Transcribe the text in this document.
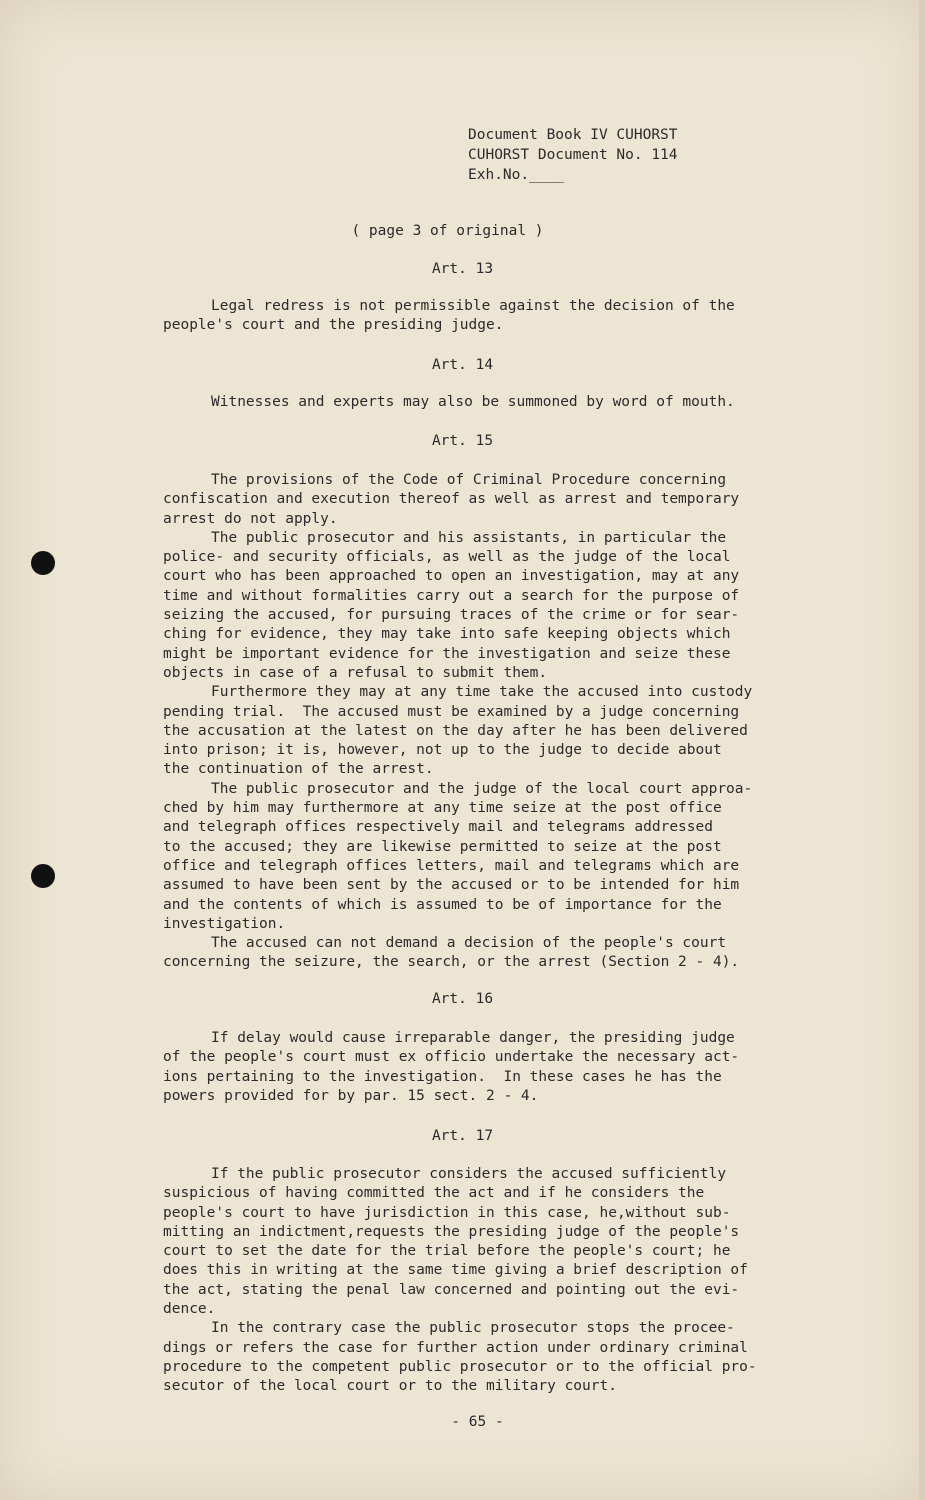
Document Book IV CUHORST
CUHORST Document No. 114
Exh.No.____
( page 3 of original )
Art. 13
Legal redress is not permissible against the decision of the
people's court and the presiding judge.
Art. 14
Witnesses and experts may also be summoned by word of mouth.
Art. 15
The provisions of the Code of Criminal Procedure concerning
confiscation and execution thereof as well as arrest and temporary
arrest do not apply.
The public prosecutor and his assistants, in particular the
police- and security officials, as well as the judge of the local
court who has been approached to open an investigation, may at any
time and without formalities carry out a search for the purpose of
seizing the accused, for pursuing traces of the crime or for sear-
ching for evidence, they may take into safe keeping objects which
might be important evidence for the investigation and seize these
objects in case of a refusal to submit them.
Furthermore they may at any time take the accused into custody
pending trial.  The accused must be examined by a judge concerning
the accusation at the latest on the day after he has been delivered
into prison; it is, however, not up to the judge to decide about
the continuation of the arrest.
The public prosecutor and the judge of the local court approa-
ched by him may furthermore at any time seize at the post office
and telegraph offices respectively mail and telegrams addressed
to the accused; they are likewise permitted to seize at the post
office and telegraph offices letters, mail and telegrams which are
assumed to have been sent by the accused or to be intended for him
and the contents of which is assumed to be of importance for the
investigation.
The accused can not demand a decision of the people's court
concerning the seizure, the search, or the arrest (Section 2 - 4).
Art. 16
If delay would cause irreparable danger, the presiding judge
of the people's court must ex officio undertake the necessary act-
ions pertaining to the investigation.  In these cases he has the
powers provided for by par. 15 sect. 2 - 4.
Art. 17
If the public prosecutor considers the accused sufficiently
suspicious of having committed the act and if he considers the
people's court to have jurisdiction in this case, he,without sub-
mitting an indictment,requests the presiding judge of the people's
court to set the date for the trial before the people's court; he
does this in writing at the same time giving a brief description of
the act, stating the penal law concerned and pointing out the evi-
dence.
In the contrary case the public prosecutor stops the procee-
dings or refers the case for further action under ordinary criminal
procedure to the competent public prosecutor or to the official pro-
secutor of the local court or to the military court.
- 65 -
